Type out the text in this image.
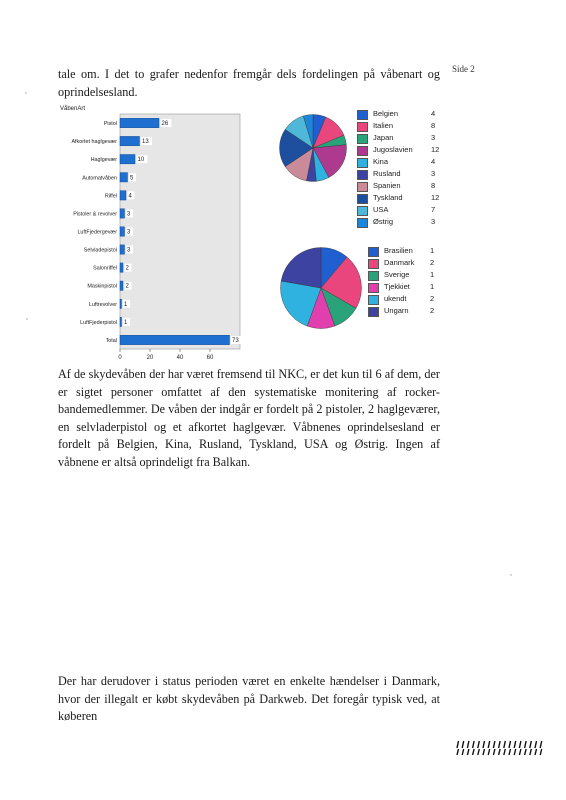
Side 2
tale om. I det to grafer nedenfor fremgår dels fordelingen på våbenart og oprindelsesland.
VåbenArt
Pistol	26
Afkortet haglgevær	13
Haglgevær	10
Automatvåben 5
Riffel 4
Pistoler & revolver 3
LuftFjedergevær 3
Selvladepistol 3
Salonriffel 2
Maskinpistol 2
Luftrevolver 1
LuftFjederpistol 1
Total	73
0	20	40	60
Belgien	4
Italien	8
Japan	3
Jugoslavien 12
Kina	4
Rusland	3
Spanien	8
Tyskland	12
USA	7
Østrig	3
Brasilien 1
Danmark 2
Sverige	1
Tjekkiet	1
ukendt	2
Ungarn	2
Af de skydevåben der har været fremsend til NKC, er det kun til 6 af dem, der er sigtet personer omfattet af den systematiske monitering af rocker- bandemedlemmer. De våben der indgår er fordelt på 2 pistoler, 2 haglgeværer, en selvladerpistol og et afkortet haglgevær. Våbnenes oprindelsesland er fordelt på Belgien, Kina, Rusland, Tyskland, USA og Østrig. Ingen af våbnene er altså oprindeligt fra Balkan.
Der har derudover i status perioden været en enkelte hændelser i Danmark, hvor der illegalt er købt skydevåben på Darkweb. Det foregår typisk ved, at køberen
